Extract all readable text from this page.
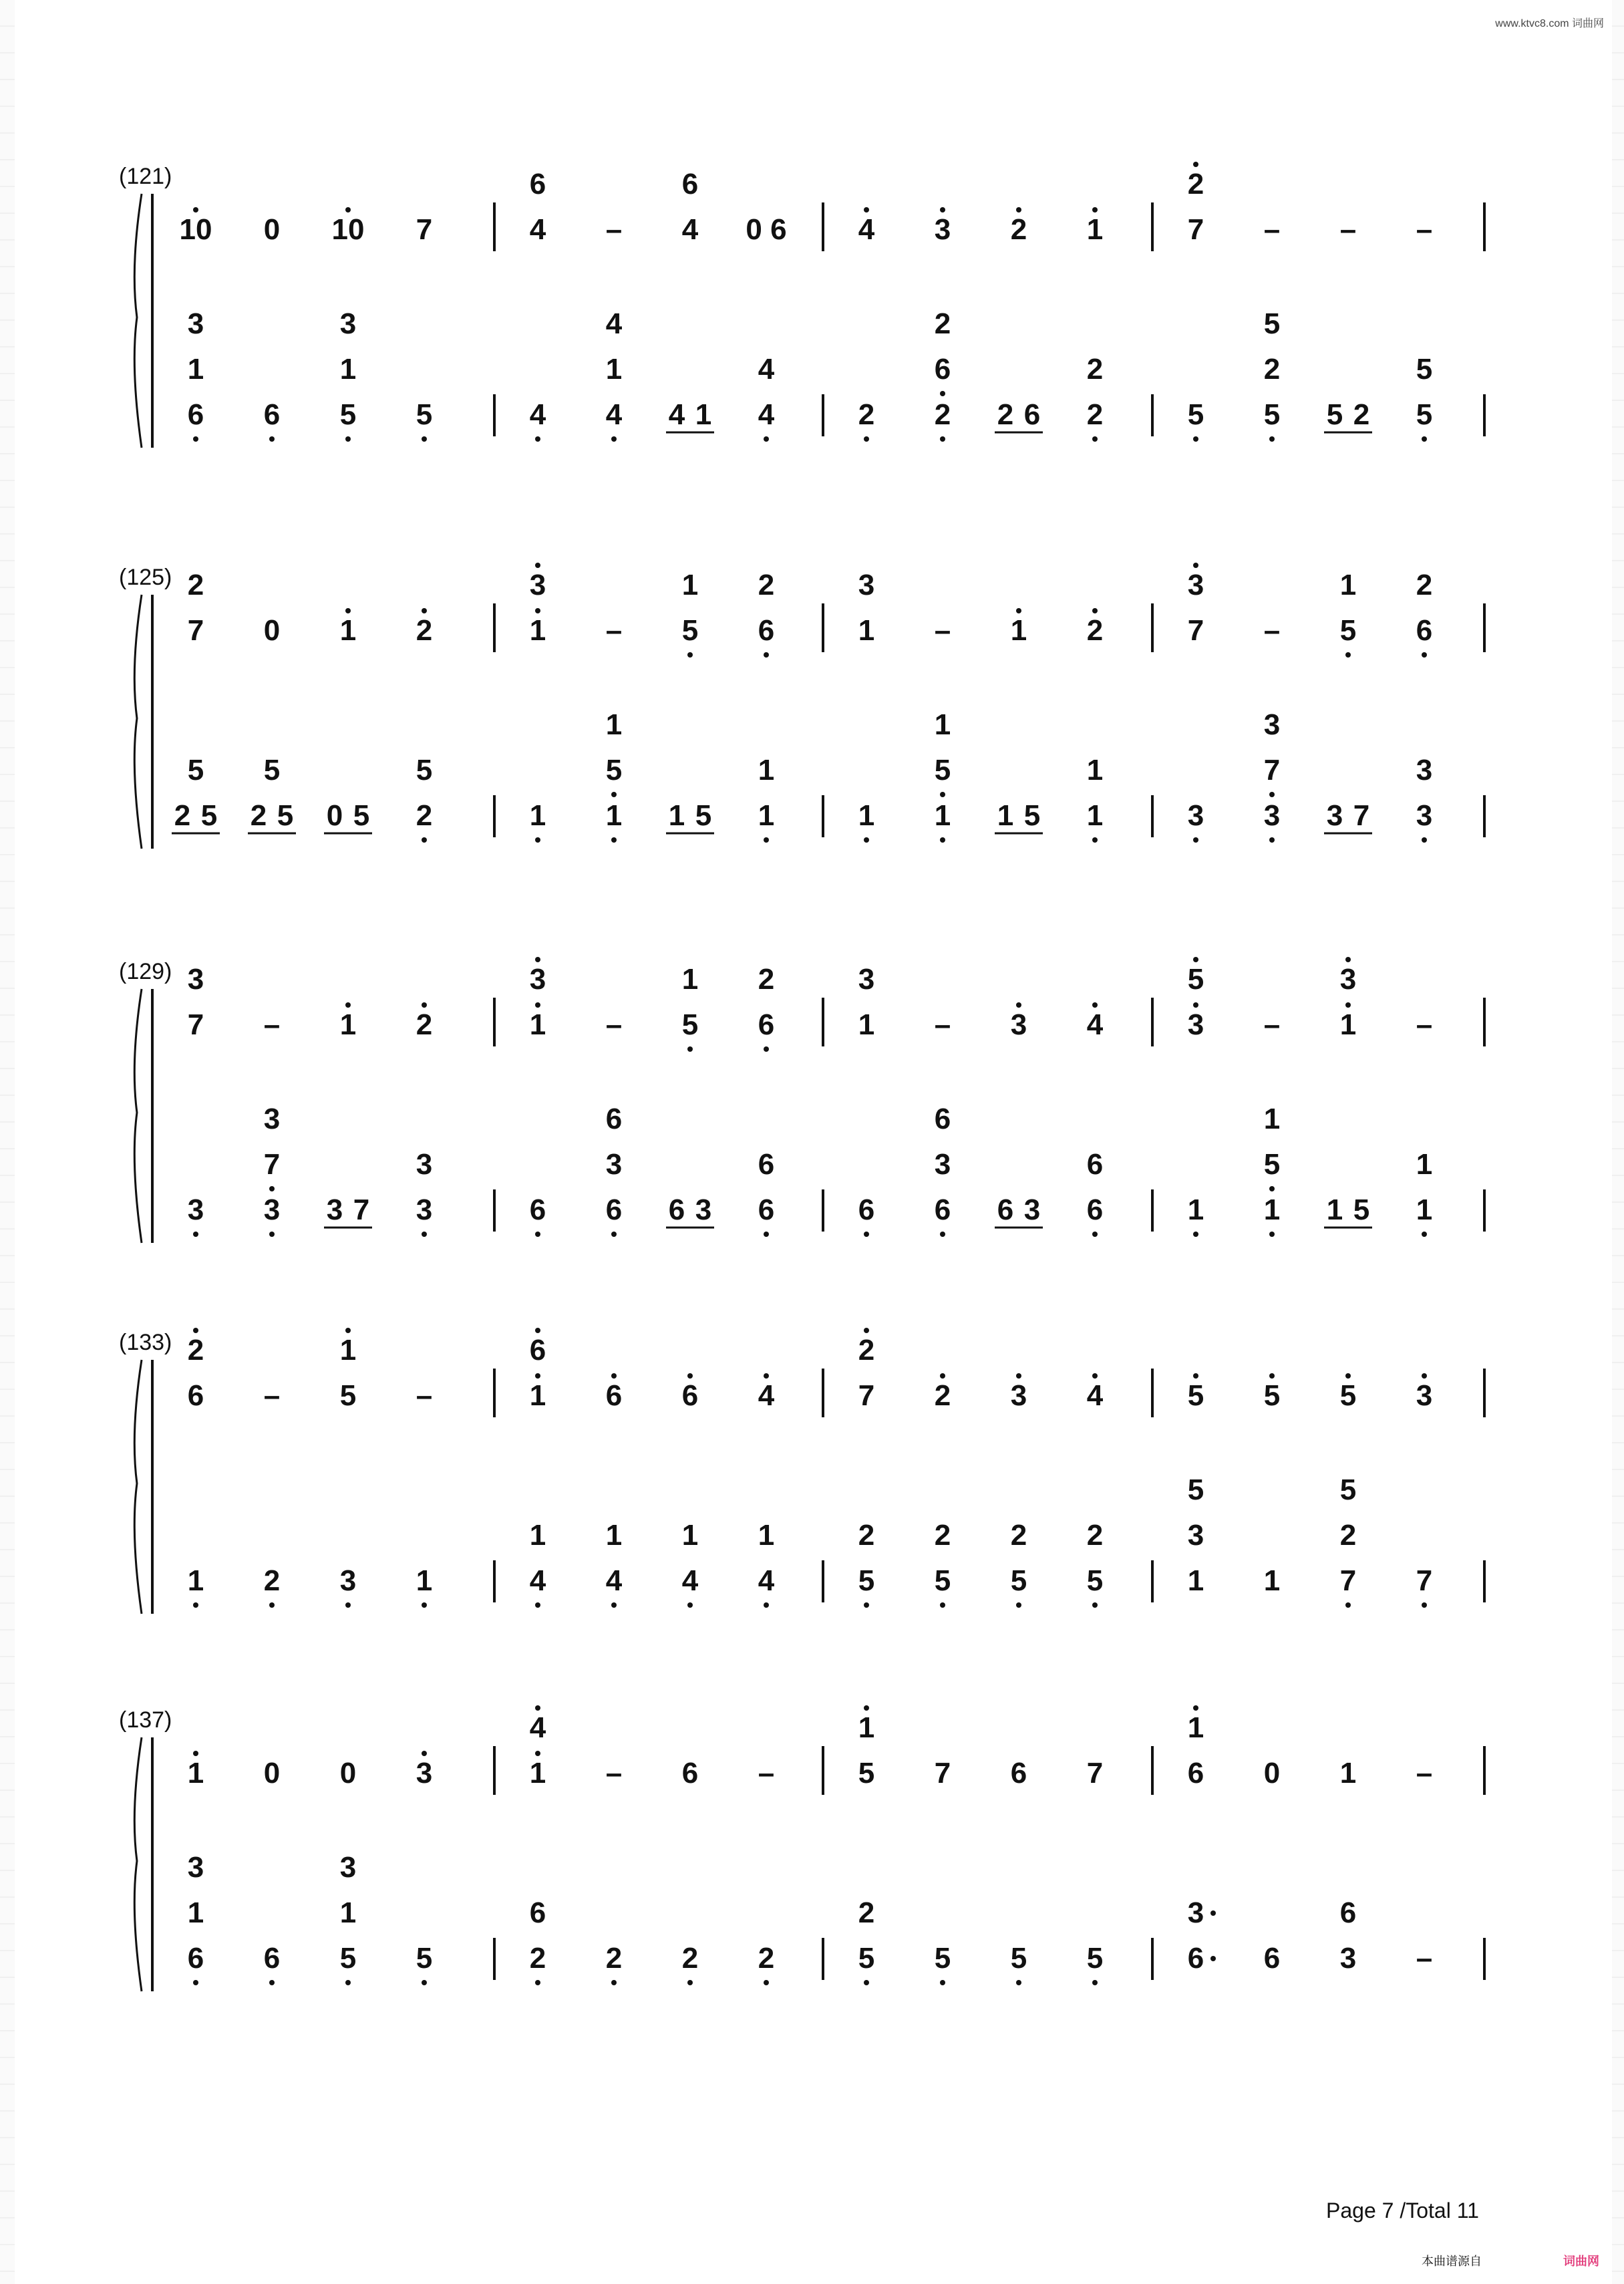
www.ktvc8.com 词曲网
(121)
10 0 10 7
3
1
6 6
3
1
5 5
6
4 –
6
4 0 6
4
4
1
4 4 1
4
4
4 3 2 1
2
2
6
2 2 6
2
2
2
7 – – –
5
5
2
5 5 2
5
5
(125) 2
7 0 1 2
5
2 5
5
2 5 0 5
5
2
3
1 –
1
5
2
6
1
1
5
1 1 5
1
1
3
1 – 1 2
1
1
5
1 1 5
1
1
3
7 –
1
5
2
6
3
3
7
3 3 7
3
3
(129) 3
7 – 1 2
3
3
7
3 3 7
3
3
3
1 –
1
5
2
6
6
6
3
6 6 3
6
6
3
1 – 3 4
6
6
3
6 6 3
6
6
5
3 –
3
1 –
1
1
5
1 1 5
1
1
(133) 2
6 –
1
5 –
1 2 3 1
6
1 6 6 4
1
4
1
4
1
4
1
4
2
7 2 3 4
2
5
2
5
2
5
2
5
5 5 5 3
5
3
1 1
5
2
7 7
(137)
1 0 0 3
3
1
6 6
3
1
5 5
4
1 – 6 –
6
2 2 2 2
1
5 7 6 7
2
5 5 5 5
1
6 0 1 –
3
6 6
6
3 –
Page 7 /Total 11
本曲谱源自	词曲网
